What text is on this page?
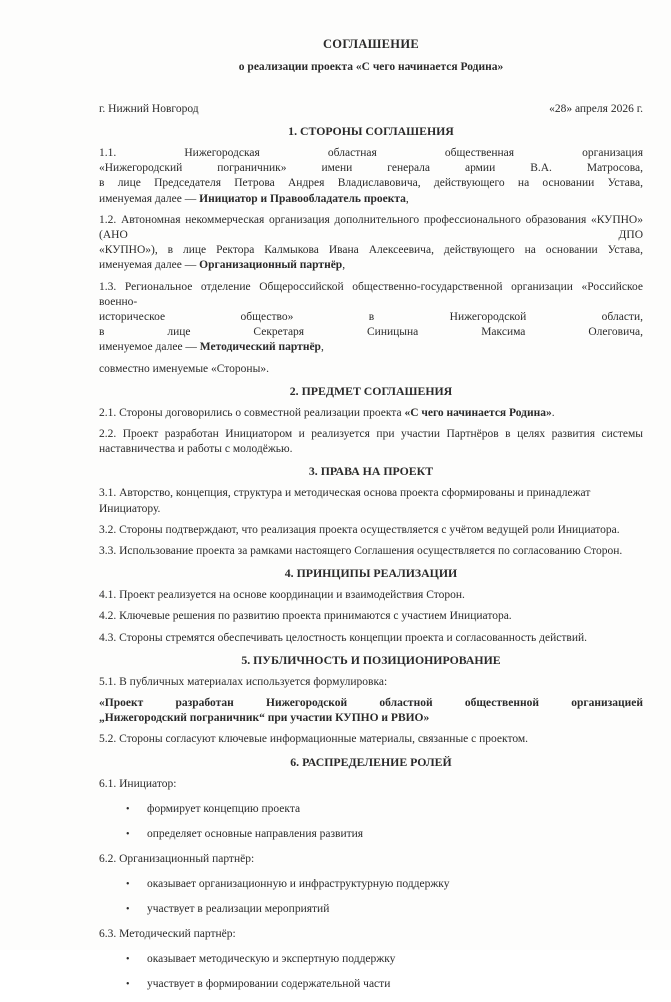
СОГЛАШЕНИЕ
о реализации проекта «С чего начинается Родина»
г. Нижний Новгород	«28» апреля 2026 г.
1. СТОРОНЫ СОГЛАШЕНИЯ
1.1. Нижегородская областная общественная организация
«Нижегородский пограничник» имени генерала армии В.А. Матросова,
в лице Председателя Петрова Андрея Владиславовича, действующего на основании Устава,
именуемая далее — Инициатор и Правообладатель проекта,
1.2. Автономная некоммерческая организация дополнительного профессионального образования «КУПНО» (АНО ДПО
«КУПНО»), в лице Ректора Калмыкова Ивана Алексеевича, действующего на основании Устава,
именуемая далее — Организационный партнёр,
1.3. Региональное отделение Общероссийской общественно-государственной организации «Российское военно-
историческое общество» в Нижегородской области,
в лице Секретаря Синицына Максима Олеговича,
именуемое далее — Методический партнёр,
совместно именуемые «Стороны».
2. ПРЕДМЕТ СОГЛАШЕНИЯ
2.1. Стороны договорились о совместной реализации проекта «С чего начинается Родина».
2.2. Проект разработан Инициатором и реализуется при участии Партнёров в целях развития системы наставничества и работы с молодёжью.
3. ПРАВА НА ПРОЕКТ
3.1. Авторство, концепция, структура и методическая основа проекта сформированы и принадлежат Инициатору.
3.2. Стороны подтверждают, что реализация проекта осуществляется с учётом ведущей роли Инициатора.
3.3. Использование проекта за рамками настоящего Соглашения осуществляется по согласованию Сторон.
4. ПРИНЦИПЫ РЕАЛИЗАЦИИ
4.1. Проект реализуется на основе координации и взаимодействия Сторон.
4.2. Ключевые решения по развитию проекта принимаются с участием Инициатора.
4.3. Стороны стремятся обеспечивать целостность концепции проекта и согласованность действий.
5. ПУБЛИЧНОСТЬ И ПОЗИЦИОНИРОВАНИЕ
5.1. В публичных материалах используется формулировка:
«Проект разработан Нижегородской областной общественной организацией
„Нижегородский пограничник“ при участии КУПНО и РВИО»
5.2. Стороны согласуют ключевые информационные материалы, связанные с проектом.
6. РАСПРЕДЕЛЕНИЕ РОЛЕЙ
6.1. Инициатор:
•	формирует концепцию проекта
•	определяет основные направления развития
6.2. Организационный партнёр:
•	оказывает организационную и инфраструктурную поддержку
•	участвует в реализации мероприятий
6.3. Методический партнёр:
•	оказывает методическую и экспертную поддержку
•	участвует в формировании содержательной части
